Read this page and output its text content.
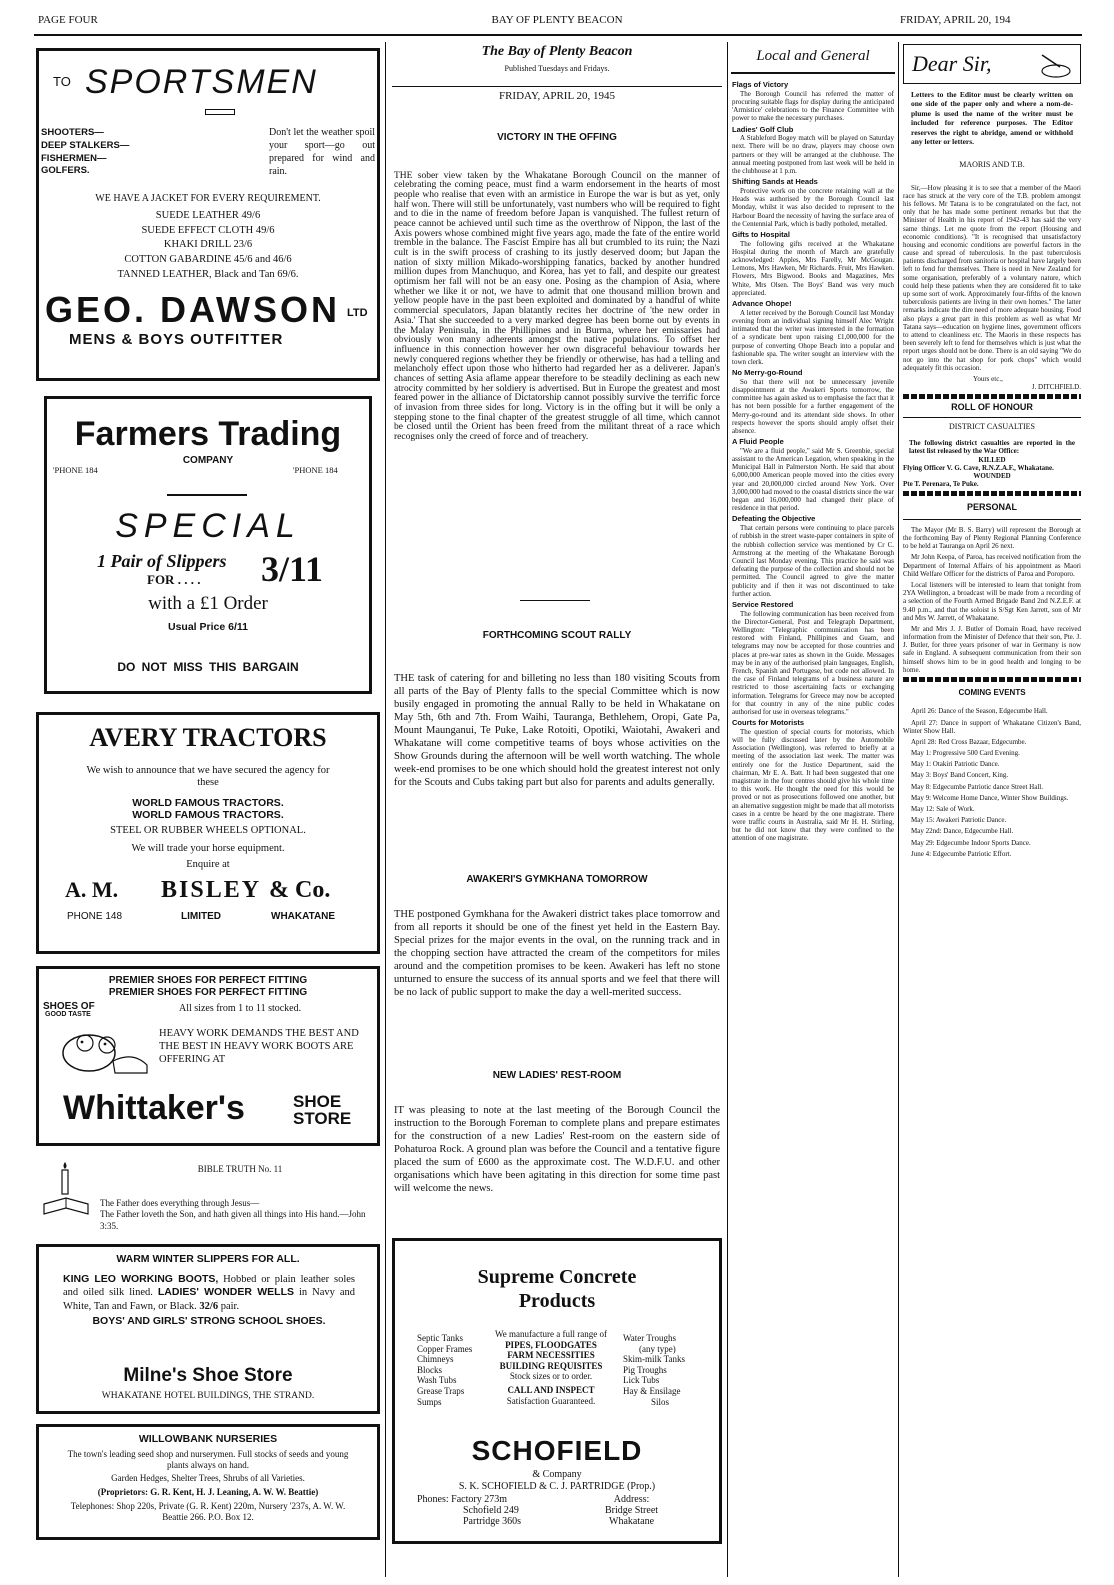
PAGE FOUR	BAY OF PLENTY BEACON	FRIDAY, APRIL 20, 194
TO SPORTSMEN
SHOOTERS—
DEEP STALKERS—
FISHERMEN—
GOLFERS.
Don't let the weather spoil your sport—go out prepared for wind and rain.
WE HAVE A JACKET FOR EVERY REQUIREMENT.
SUEDE LEATHER 49/6
SUEDE EFFECT CLOTH 49/6
KHAKI DRILL 23/6
COTTON GABARDINE 45/6 and 46/6
TANNED LEATHER, Black and Tan 69/6.
GEO. DAWSON LTD
MENS & BOYS OUTFITTER
Farmers Trading
COMPANY
'PHONE 184	'PHONE 184
SPECIAL
1 Pair of Slippers
FOR . . . . 3/11
with a £1 Order
Usual Price 6/11
DO NOT MISS THIS BARGAIN
AVERY TRACTORS
We wish to announce that we have secured the agency for these
WORLD FAMOUS TRACTORS.
WORLD FAMOUS TRACTORS.
STEEL OR RUBBER WHEELS OPTIONAL.
We will trade your horse equipment.
Enquire at
A. M. BISLEY & Co.
PHONE 148	LIMITED	WHAKATANE
PREMIER SHOES FOR PERFECT FITTING
PREMIER SHOES FOR PERFECT FITTING
SHOES OF
GOOD TASTE
All sizes from 1 to 11 stocked.
HEAVY WORK DEMANDS THE BEST AND THE BEST IN HEAVY WORK BOOTS ARE OFFERING AT
Whittaker's	SHOE
STORE
BIBLE TRUTH No. 11
The Father does everything through Jesus—
The Father loveth the Son, and hath given all things into His hand.—John 3:35.
WARM WINTER SLIPPERS FOR ALL.
KING LEO WORKING BOOTS, Hobbed or plain leather soles and oiled silk lined. LADIES' WONDER WELLS in Navy and White, Tan and Fawn, or Black. 32/6 pair.
BOYS' AND GIRLS' STRONG SCHOOL SHOES.
Milne's Shoe Store
WHAKATANE HOTEL BUILDINGS, THE STRAND.
WILLOWBANK NURSERIES
The town's leading seed shop and nurserymen. Full stocks of seeds and young plants always on hand.
Garden Hedges, Shelter Trees, Shrubs of all Varieties.
(Proprietors: G. R. Kent, H. J. Leaning, A. W. W. Beattie)
Telephones: Shop 220s, Private (G. R. Kent) 220m, Nursery '237s, A. W. W. Beattie 266. P.O. Box 12.
The Bay of Plenty Beacon
Published Tuesdays and Fridays.
FRIDAY, APRIL 20, 1945
VICTORY IN THE OFFING
THE sober view taken by the Whakatane Borough Council on the manner of celebrating the coming peace, must find a warm endorsement in the hearts of most people who realise that even with an armistice in Europe the war is but as yet, only half won. There will still be unfortunately, vast numbers who will be required to fight and to die in the name of freedom before Japan is vanquished. The fullest return of peace cannot be achieved until such time as the overthrow of Nippon, the last of the Axis powers whose combined might five years ago, made the fate of the entire world tremble in the balance. The Fascist Empire has all but crumbled to its ruin; the Nazi cult is in the swift process of crashing to its justly deserved doom; but Japan the nation of sixty million Mikado-worshipping fanatics, backed by another hundred million dupes from Manchuquo, and Korea, has yet to fall, and despite our greatest optimism her fall will not be an easy one. Posing as the champion of Asia, where whether we like it or not, we have to admit that one thousand million brown and yellow people have in the past been exploited and dominated by a handful of white commercial speculators, Japan blatantly recites her doctrine of 'the new order in Asia.' That she succeeded to a very marked degree has been borne out by events in the Malay Peninsula, in the Phillipines and in Burma, where her emissaries had obviously won many adherents amongst the native populations. To offset her influence in this connection however her own disgraceful behaviour towards her newly conquered regions whether they be friendly or otherwise, has had a telling and melancholy effect upon those who hitherto had regarded her as a deliverer. Japan's chances of setting Asia aflame appear therefore to be steadily declining as each new atrocity committed by her soldiery is advertised. But in Europe the greatest and most feared power in the alliance of Dictatorship cannot possibly survive the terrific force of invasion from three sides for long. Victory is in the offing but it will be only a stepping stone to the final chapter of the greatest struggle of all time, which cannot be closed until the Orient has been freed from the militant threat of a race which recognises only the creed of force and of treachery.
FORTHCOMING SCOUT RALLY
THE task of catering for and billeting no less than 180 visiting Scouts from all parts of the Bay of Plenty falls to the special Committee which is now busily engaged in promoting the annual Rally to be held in Whakatane on May 5th, 6th and 7th. From Waihi, Tauranga, Bethlehem, Oropi, Gate Pa, Mount Maunganui, Te Puke, Lake Rotoiti, Opotiki, Waiotahi, Awakeri and Whakatane will come competitive teams of boys whose activities on the Show Grounds during the afternoon will be well worth watching. The whole week-end promises to be one which should hold the greatest interest not only for the Scouts and Cubs taking part but also for parents and adults generally.
AWAKERI'S GYMKHANA TOMORROW
THE postponed Gymkhana for the Awakeri district takes place tomorrow and from all reports it should be one of the finest yet held in the Eastern Bay. Special prizes for the major events in the oval, on the running track and in the chopping section have attracted the cream of the competitors for miles around and the competition promises to be keen. Awakeri has left no stone unturned to ensure the success of its annual sports and we feel that there will be no lack of public support to make the day a well-merited success.
NEW LADIES' REST-ROOM
IT was pleasing to note at the last meeting of the Borough Council the instruction to the Borough Foreman to complete plans and prepare estimates for the construction of a new Ladies' Rest-room on the eastern side of Pohaturoa Rock. A ground plan was before the Council and a tentative figure placed the sum of £600 as the approximate cost. The W.D.F.U. and other organisations which have been agitating in this direction for some time past will welcome the news.
Supreme Concrete
Products
Septic Tanks
Copper Frames
Chimneys
Blocks
Wash Tubs
Grease Traps
Sumps
We manufacture a full range of
PIPES, FLOODGATES
FARM NECESSITIES
BUILDING REQUISITES
Stock sizes or to order.
CALL AND INSPECT
Satisfaction Guaranteed.
Water Troughs
(any type)
Skim-milk Tanks
Pig Troughs
Lick Tubs
Hay & Ensilage
Silos
SCHOFIELD
& Company
S. K. SCHOFIELD & C. J. PARTRIDGE (Prop.)
Phones: Factory 273m
Schofield 249
Partridge 360s
Address:
Bridge Street
Whakatane
Local and General
Flags of Victory
The Borough Council has referred the matter of procuring suitable flags for display during the anticipated 'Armistice' celebrations to the Finance Committee with power to make the necessary purchases.
Ladies' Golf Club
A Stableford Bogey match will be played on Saturday next. There will be no draw, players may choose own partners or they will be arranged at the clubhouse. The annual meeting postponed from last week will be held in the clubhouse at 1 p.m.
Shifting Sands at Heads
Protective work on the concrete retaining wall at the Heads was authorised by the Borough Council last Monday, whilst it was also decided to represent to the Harbour Board the necessity of having the surface area of the Centennial Park, which is badly potholed, metalled.
Gifts to Hospital
The following gifts received at the Whakatane Hospital during the month of March are gratefully acknowledged: Apples, Mrs Farelly, Mr McGougan. Lemons, Mrs Hawken, Mr Richards. Fruit, Mrs Hawken. Flowers, Mrs Bigwood. Books and Magazines, Mrs White, Mrs Olsen. The Boys' Band was very much appreciated.
Advance Ohope!
A letter received by the Borough Council last Monday evening from an individual signing himself Alec Wright intimated that the writer was interested in the formation of a syndicate bent upon raising £1,000,000 for the purpose of converting Ohope Beach into a popular and fashionable spa. The writer sought an interview with the town clerk.
No Merry-go-Round
So that there will not be unnecessary juvenile disappointment at the Awakeri Sports tomorrow, the committee has again asked us to emphasise the fact that it has not been possible for a further engagement of the Merry-go-round and its attendant side shows. In other respects however the sports should amply offset their absence.
A Fluid People
"We are a fluid people," said Mr S. Greenbie, special assistant to the American Legation, when speaking in the Municipal Hall in Palmerston North. He said that about 6,000,000 American people moved into the cities every year and 20,000,000 circled around New York. Over 3,000,000 had moved to the coastal districts since the war began and 16,000,000 had changed their place of residence in that period.
Defeating the Objective
That certain persons were continuing to place parcels of rubbish in the street waste-paper containers in spite of the rubbish collection service was mentioned by Cr C. Armstrong at the meeting of the Whakatane Borough Council last Monday evening. This practice he said was defeating the purpose of the collection and should not be permitted. The Council agreed to give the matter publicity and if then it was not discontinued to take further action.
Service Restored
The following communication has been received from the Director-General, Post and Telegraph Department, Wellington: "Telegraphic communication has been restored with Finland, Phillipines and Guam, and telegrams may now be accepted for those countries and places at pre-war rates as shown in the Guide. Messages may be in any of the authorised plain languages, English, French, Spanish and Portugese, but code not allowed. In the case of Finland telegrams of a business nature are restricted to those ascertaining facts or exchanging information. Telegrams for Greece may now be accepted for that country in any of the nine public codes authorised for use in overseas telegrams."
Courts for Motorists
The question of special courts for motorists, which will be fully discussed later by the Automobile Association (Wellington), was referred to briefly at a meeting of the association last week. The matter was entirely one for the Justice Department, said the chairman, Mr E. A. Batt. It had been suggested that one magistrate in the four centres should give his whole time to this work. He thought the need for this would be proved or not as prosecutions followed one another, but an alternative suggestion might be made that all motorists cases in a centre be heard by the one magistrate. There were traffic courts in Australia, said Mr H. H. Stirling, but he did not know that they were confined to the attention of one magistrate.
Dear Sir,
Letters to the Editor must be clearly written on one side of the paper only and where a nom-de-plume is used the name of the writer must be included for reference purposes. The Editor reserves the right to abridge, amend or withhold any letter or letters.
MAORIS AND T.B.
Sir,—How pleasing it is to see that a member of the Maori race has struck at the very core of the T.B. problem amongst his fellows. Mr Tatana is to be congratulated on the fact, not only that he has made some pertinent remarks but that the Minister of Health in his report of 1942-43 has said the very same things. Let me quote from the report (Housing and economic conditions). "It is recognised that unsatisfactory housing and economic conditions are powerful factors in the cause and spread of tuberculosis. In the past tuberculosis patients discharged from sanitoria or hospital have largely been left to fend for themselves. There is need in New Zealand for some organisation, preferably of a voluntary nature, which could help these patients when they are considered fit to take up some sort of work. Approximately four-fifths of the known tuberculosis patients are living in their own homes." The latter remarks indicate the dire need of more adequate housing. Food also plays a great part in this problem as well as what Mr Tatana says—education on hygiene lines, government officers to attend to cleanliness etc. The Maoris in these respects has been severely left to fend for themselves which is just what the report urges should not be done. There is an old saying "We do not go into the hat shop for pork chops" which would adequately fit this occasion.
Yours etc.,
J. DITCHFIELD.
ROLL OF HONOUR
DISTRICT CASUALTIES
The following district casualties are reported in the latest list released by the War Office:
KILLED
Flying Officer V. G. Cave, R.N.Z.A.F., Whakatane.
WOUNDED
Pte T. Perenara, Te Puke.
PERSONAL
The Mayor (Mr B. S. Barry) will represent the Borough at the forthcoming Bay of Plenty Regional Planning Conference to be held at Tauranga on April 26 next.
Mr John Keepa, of Paroa, has received notification from the Department of Internal Affairs of his appointment as Maori Child Welfare Officer for the districts of Paroa and Poroporo.
Local listeners will be interested to learn that tonight from 2YA Wellington, a broadcast will be made from a recording of a selection of the Fourth Armed Brigade Band 2nd N.Z.E.F. at 9.40 p.m., and that the soloist is S/Sgt Ken Jarrett, son of Mr and Mrs W. Jarrett, of Whakatane.
Mr and Mrs J. J. Butler of Domain Road, have received information from the Minister of Defence that their son, Pte. J. J. Butler, for three years prisoner of war in Germany is now safe in England. A subsequent communication from their son himself shows him to be in good health and longing to be home.
COMING EVENTS
April 26: Dance of the Season, Edgecumbe Hall.
April 27: Dance in support of Whakatane Citizen's Band, Winter Show Hall.
April 28: Red Cross Bazaar, Edgecumbe.
May 1: Progressive 500 Card Evening.
May 1: Otakiri Patriotic Dance.
May 3: Boys' Band Concert, King.
May 8: Edgecumbe Patriotic dance Street Hall.
May 9: Welcome Home Dance, Winter Show Buildings.
May 12: Sale of Work.
May 15: Awakeri Patriotic Dance.
May 22nd: Dance, Edgecumbe Hall.
May 29: Edgecumbe Indoor Sports Dance.
June 4: Edgecumbe Patriotic Effort.
